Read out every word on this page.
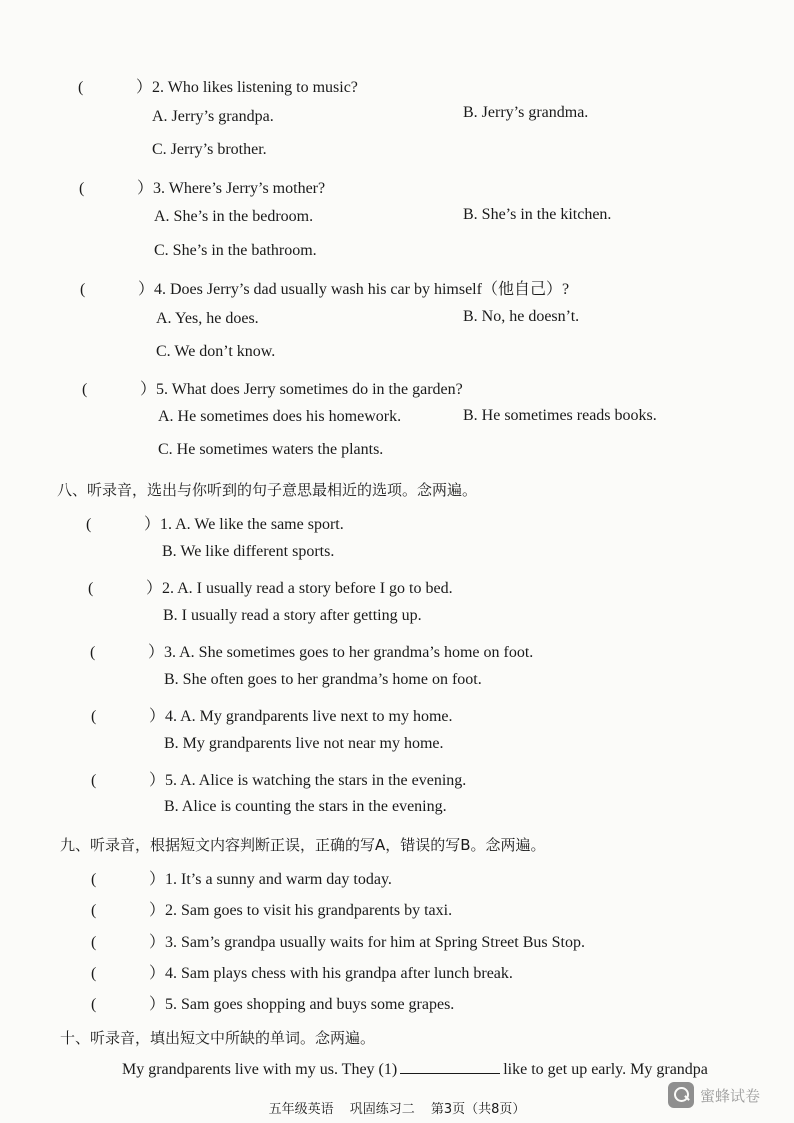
(	）2. Who likes listening to music?
A. Jerry’s grandpa.	B. Jerry’s grandma.
C. Jerry’s brother.
(	）3. Where’s Jerry’s mother?
A. She’s in the bedroom.	B. She’s in the kitchen.
C. She’s in the bathroom.
(	）4. Does Jerry’s dad usually wash his car by himself（他自己）?
A. Yes, he does.	B. No, he doesn’t.
C. We don’t know.
(	）5. What does Jerry sometimes do in the garden?
A. He sometimes does his homework.	B. He sometimes reads books.
C. He sometimes waters the plants.
八、听录音，选出与你听到的句子意思最相近的选项。念两遍。
(	）1. A. We like the same sport.
B. We like different sports.
(	）2. A. I usually read a story before I go to bed.
B. I usually read a story after getting up.
(	）3. A. She sometimes goes to her grandma’s home on foot.
B. She often goes to her grandma’s home on foot.
(	）4. A. My grandparents live next to my home.
B. My grandparents live not near my home.
(	）5. A. Alice is watching the stars in the evening.
B. Alice is counting the stars in the evening.
九、听录音，根据短文内容判断正误，正确的写A，错误的写B。念两遍。
(	）1. It’s a sunny and warm day today.
(	）2. Sam goes to visit his grandparents by taxi.
(	）3. Sam’s grandpa usually waits for him at Spring Street Bus Stop.
(	）4. Sam plays chess with his grandpa after lunch break.
(	）5. Sam goes shopping and buys some grapes.
十、听录音，填出短文中所缺的单词。念两遍。
My grandparents live with my us. They (1)	like to get up early. My grandpa
蜜蜂试卷
五年级英语 巩固练习二 第3页（共8页）
